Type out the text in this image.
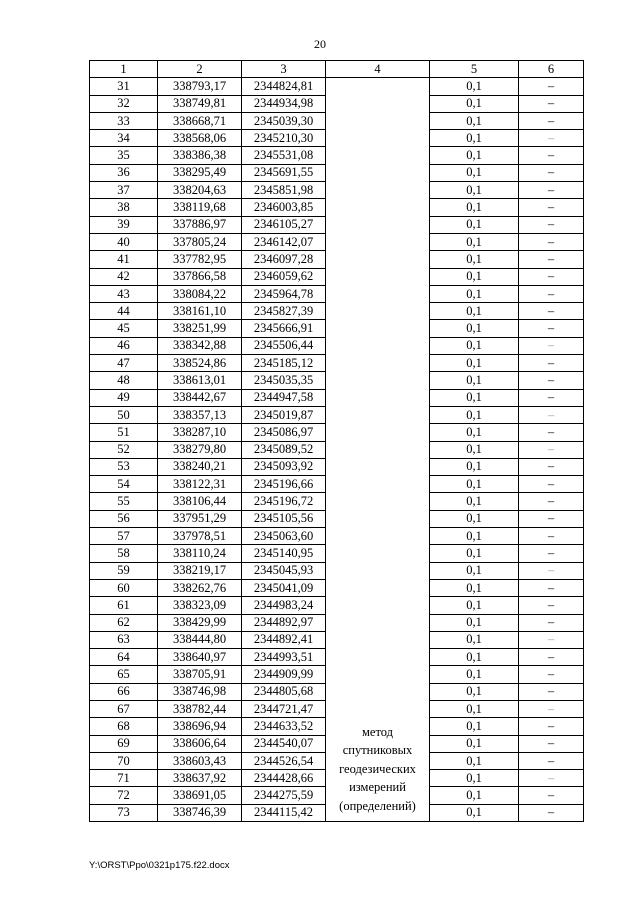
20
1	2	3	4	5	6
31	338793,17	2344824,81	метод
спутниковых
геодезических
измерений
(определений)	0,1	–
32	338749,81	2344934,98		0,1	–
33	338668,71	2345039,30		0,1	–
34	338568,06	2345210,30		0,1	–
35	338386,38	2345531,08		0,1	–
36	338295,49	2345691,55		0,1	–
37	338204,63	2345851,98		0,1	–
38	338119,68	2346003,85		0,1	–
39	337886,97	2346105,27		0,1	–
40	337805,24	2346142,07		0,1	–
41	337782,95	2346097,28		0,1	–
42	337866,58	2346059,62		0,1	–
43	338084,22	2345964,78		0,1	–
44	338161,10	2345827,39		0,1	–
45	338251,99	2345666,91		0,1	–
46	338342,88	2345506,44		0,1	–
47	338524,86	2345185,12		0,1	–
48	338613,01	2345035,35		0,1	–
49	338442,67	2344947,58		0,1	–
50	338357,13	2345019,87		0,1	–
51	338287,10	2345086,97		0,1	–
52	338279,80	2345089,52		0,1	–
53	338240,21	2345093,92		0,1	–
54	338122,31	2345196,66		0,1	–
55	338106,44	2345196,72		0,1	–
56	337951,29	2345105,56		0,1	–
57	337978,51	2345063,60		0,1	–
58	338110,24	2345140,95		0,1	–
59	338219,17	2345045,93		0,1	–
60	338262,76	2345041,09		0,1	–
61	338323,09	2344983,24		0,1	–
62	338429,99	2344892,97		0,1	–
63	338444,80	2344892,41		0,1	–
64	338640,97	2344993,51		0,1	–
65	338705,91	2344909,99		0,1	–
66	338746,98	2344805,68		0,1	–
67	338782,44	2344721,47		0,1	–
68	338696,94	2344633,52		0,1	–
69	338606,64	2344540,07		0,1	–
70	338603,43	2344526,54		0,1	–
71	338637,92	2344428,66		0,1	–
72	338691,05	2344275,59		0,1	–
73	338746,39	2344115,42		0,1	–
Y:\ORST\Ppo\0321p175.f22.docx
